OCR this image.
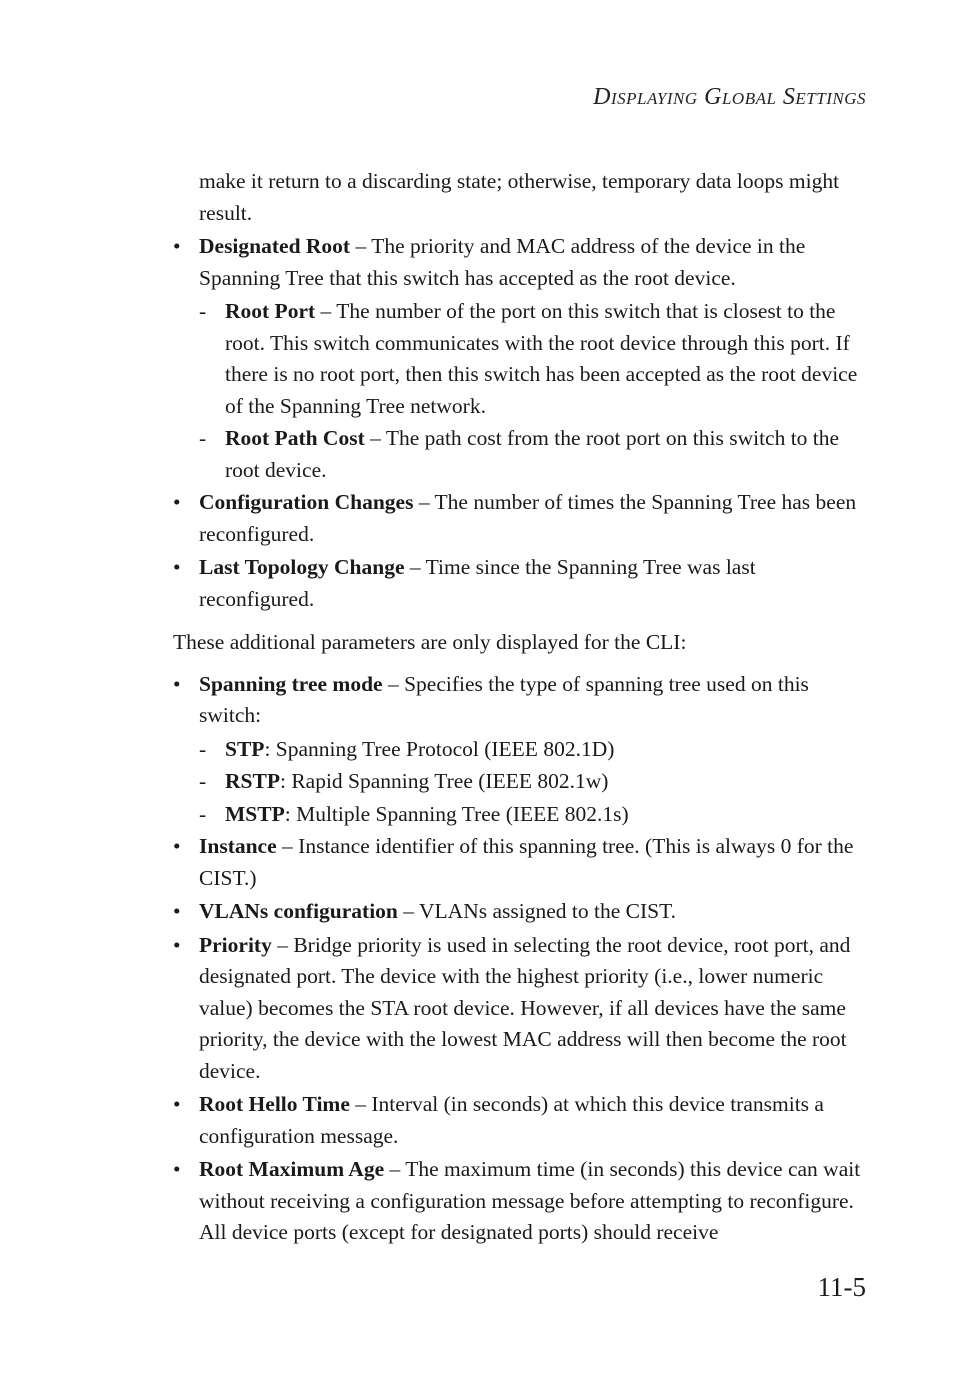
Displaying Global Settings

make it return to a discarding state; otherwise, temporary data loops might result.

• Designated Root – The priority and MAC address of the device in the Spanning Tree that this switch has accepted as the root device.
- Root Port – The number of the port on this switch that is closest to the root. This switch communicates with the root device through this port. If there is no root port, then this switch has been accepted as the root device of the Spanning Tree network.
- Root Path Cost – The path cost from the root port on this switch to the root device.
• Configuration Changes – The number of times the Spanning Tree has been reconfigured.
• Last Topology Change – Time since the Spanning Tree was last reconfigured.

These additional parameters are only displayed for the CLI:

• Spanning tree mode – Specifies the type of spanning tree used on this switch:
- STP: Spanning Tree Protocol (IEEE 802.1D)
- RSTP: Rapid Spanning Tree (IEEE 802.1w)
- MSTP: Multiple Spanning Tree (IEEE 802.1s)
• Instance – Instance identifier of this spanning tree. (This is always 0 for the CIST.)
• VLANs configuration – VLANs assigned to the CIST.
• Priority – Bridge priority is used in selecting the root device, root port, and designated port. The device with the highest priority (i.e., lower numeric value) becomes the STA root device. However, if all devices have the same priority, the device with the lowest MAC address will then become the root device.
• Root Hello Time – Interval (in seconds) at which this device transmits a configuration message.
• Root Maximum Age – The maximum time (in seconds) this device can wait without receiving a configuration message before attempting to reconfigure. All device ports (except for designated ports) should receive
11-5
